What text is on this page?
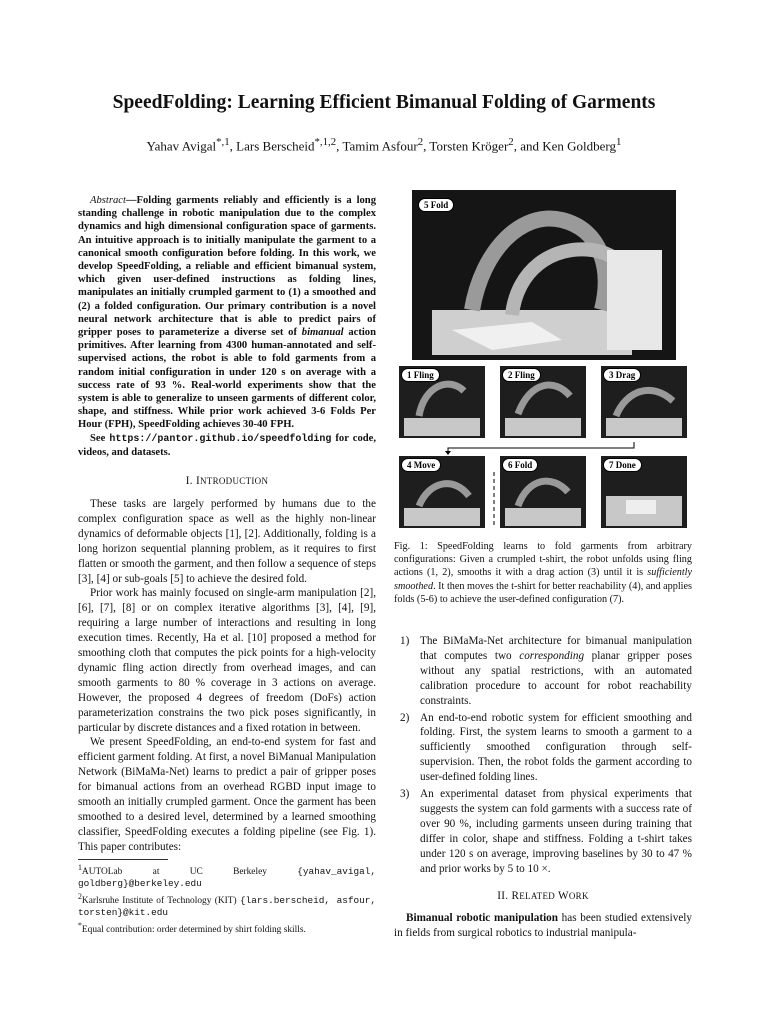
SpeedFolding: Learning Efficient Bimanual Folding of Garments
Yahav Avigal$^{*,1}$, Lars Berscheid$^{*,1,2}$, Tamim Asfour$^2$, Torsten Kröger$^2$, and Ken Goldberg$^1$

Abstract—Folding garments reliably and efficiently is a long standing challenge in robotic manipulation due to the complex dynamics and high dimensional configuration space of garments. An intuitive approach is to initially manipulate the garment to a canonical smooth configuration before folding. In this work, we develop SpeedFolding, a reliable and efficient bimanual system, which given user-defined instructions as folding lines, manipulates an initially crumpled garment to (1) a smoothed and (2) a folded configuration. Our primary contribution is a novel neural network architecture that is able to predict pairs of gripper poses to parameterize a diverse set of bimanual action primitives. After learning from 4300 human-annotated and self-supervised actions, the robot is able to fold garments from a random initial configuration in under 120 s on average with a success rate of 93 %. Real-world experiments show that the system is able to generalize to unseen garments of different color, shape, and stiffness. While prior work achieved 3-6 Folds Per Hour (FPH), SpeedFolding achieves 30-40 FPH.
See https://pantor.github.io/speedfolding for code, videos, and datasets.

I. INTRODUCTION

These tasks are largely performed by humans due to the complex configuration space as well as the highly non-linear dynamics of deformable objects [1], [2]. Additionally, folding is a long horizon sequential planning problem, as it requires to first flatten or smooth the garment, and then follow a sequence of steps [3], [4] or sub-goals [5] to achieve the desired fold.

Prior work has mainly focused on single-arm manipulation [2], [6], [7], [8] or on complex iterative algorithms [3], [4], [9], requiring a large number of interactions and resulting in long execution times. Recently, Ha et al. [10] proposed a method for smoothing cloth that computes the pick points for a high-velocity dynamic fling action directly from overhead images, and can smooth garments to 80 % coverage in 3 actions on average. However, the proposed 4 degrees of freedom (DoFs) action parameterization constrains the two pick poses significantly, in particular by discrete distances and a fixed rotation in between.

We present SpeedFolding, an end-to-end system for fast and efficient garment folding. At first, a novel BiManual Manipulation Network (BiMaMa-Net) learns to predict a pair of gripper poses for bimanual actions from an overhead RGBD input image to smooth an initially crumpled garment. Once the garment has been smoothed to a desired level, determined by a learned smoothing classifier, SpeedFolding executes a folding pipeline (see Fig. 1). This paper contributes:

$^1$AUTOLab at UC Berkeley {yahav_avigal, goldberg}@berkeley.edu

$^2$Karlsruhe Institute of Technology (KIT) {lars.berscheid, asfour, torsten}@kit.edu

*Equal contribution: order determined by shirt folding skills.

5 Fold
1 Fling	2 Fling	3 Drag
4 Move	6 Fold	7 Done
Fig. 1: SpeedFolding learns to fold garments from arbitrary configurations: Given a crumpled t-shirt, the robot unfolds using fling actions (1, 2), smooths it with a drag action (3) until it is sufficiently smoothed. It then moves the t-shirt for better reachability (4), and applies folds (5-6) to achieve the user-defined configuration (7).
1) The BiMaMa-Net architecture for bimanual manipulation that computes two corresponding planar gripper poses without any spatial restrictions, with an automated calibration procedure to account for robot reachability constraints.
2) An end-to-end robotic system for efficient smoothing and folding. First, the system learns to smooth a garment to a sufficiently smoothed configuration through self-supervision. Then, the robot folds the garment according to user-defined folding lines.
3) An experimental dataset from physical experiments that suggests the system can fold garments with a success rate of over 90 %, including garments unseen during training that differ in color, shape and stiffness. Folding a t-shirt takes under 120 s on average, improving baselines by 30 to 47 % and prior works by 5 to 10 ×.
II. RELATED WORK

Bimanual robotic manipulation has been studied extensively in fields from surgical robotics to industrial manipula-
